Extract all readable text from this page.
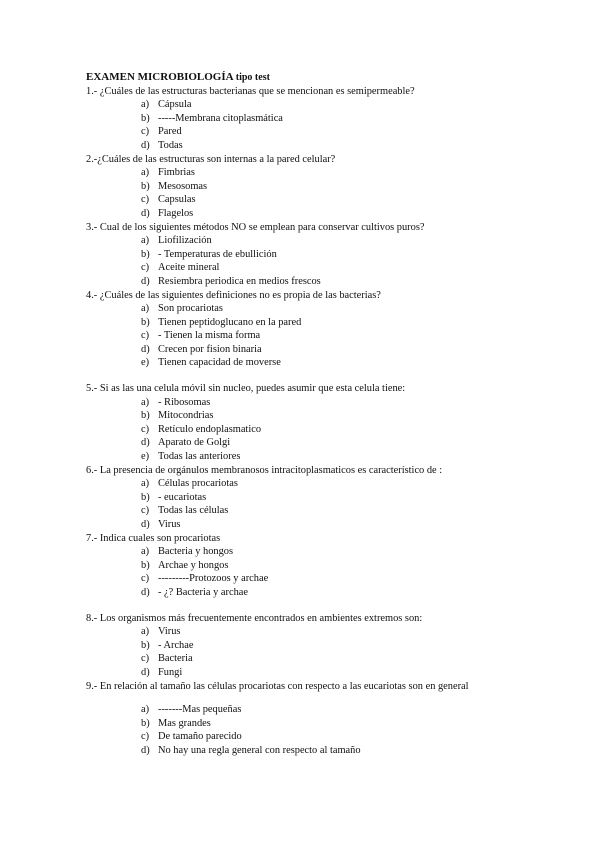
EXAMEN MICROBIOLOGÍA tipo test
1.- ¿Cuáles de las estructuras bacterianas que se mencionan es semipermeable?
a) Cápsula
b) -----Membrana citoplasmática
c) Pared
d) Todas
2.-¿Cuáles de las estructuras son internas a la pared celular?
a) Fimbrias
b) Mesosomas
c) Capsulas
d) Flagelos
3.- Cual de los siguientes métodos NO se emplean para conservar cultivos puros?
a) Liofilización
b) - Temperaturas de ebullición
c) Aceite mineral
d) Resiembra periodica en medios frescos
4.- ¿Cuáles de las siguientes definiciones no es propia de las bacterias?
a) Son procariotas
b) Tienen peptidoglucano en la pared
c) - Tienen la misma forma
d) Crecen por fision binaria
e) Tienen capacidad de moverse
5.- Si as las una celula móvil sin nucleo, puedes asumir que esta celula tiene:
a) - Ribosomas
b) Mitocondrias
c) Retículo endoplasmatico
d) Aparato de Golgi
e) Todas las anteriores
6.- La presencia de orgánulos membranosos intracitoplasmaticos es característico de :
a) Células procariotas
b) - eucariotas
c) Todas las células
d) Virus
7.- Indica cuales son procariotas
a) Bacteria y hongos
b) Archae y hongos
c) ---------Protozoos y archae
d) - ¿? Bacteria y archae
8.- Los organismos más frecuentemente encontrados en ambientes extremos son:
a) Virus
b) - Archae
c) Bacteria
d) Fungi
9.- En relación al tamaño las células procariotas con respecto a las eucariotas son en general
a) -------Mas pequeñas
b) Mas grandes
c) De tamaño parecido
d) No hay una regla general con respecto al tamaño
